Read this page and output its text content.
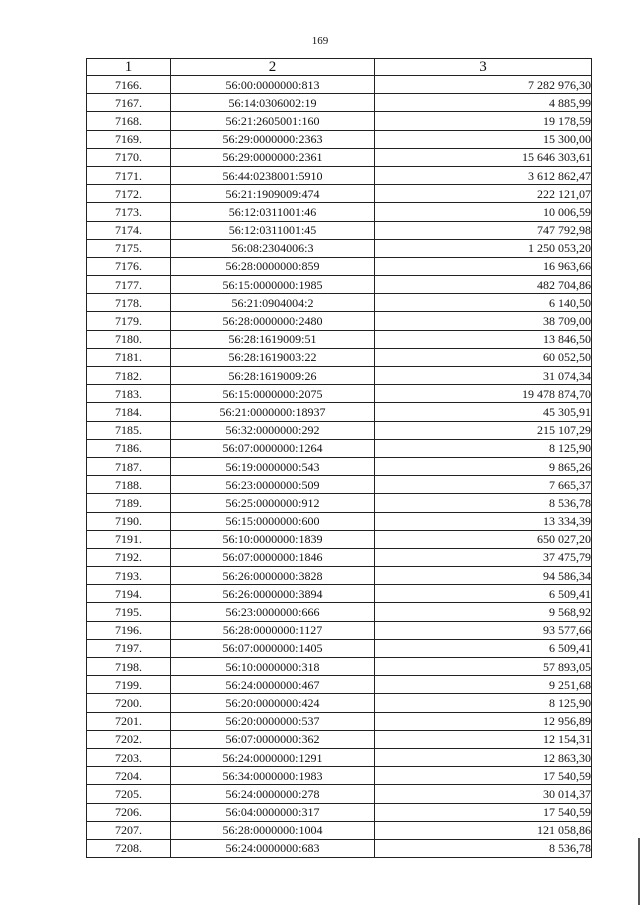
169
1	2	3
7166.	56:00:0000000:813	7 282 976,30
7167.	56:14:0306002:19	4 885,99
7168.	56:21:2605001:160	19 178,59
7169.	56:29:0000000:2363	15 300,00
7170.	56:29:0000000:2361	15 646 303,61
7171.	56:44:0238001:5910	3 612 862,47
7172.	56:21:1909009:474	222 121,07
7173.	56:12:0311001:46	10 006,59
7174.	56:12:0311001:45	747 792,98
7175.	56:08:2304006:3	1 250 053,20
7176.	56:28:0000000:859	16 963,66
7177.	56:15:0000000:1985	482 704,86
7178.	56:21:0904004:2	6 140,50
7179.	56:28:0000000:2480	38 709,00
7180.	56:28:1619009:51	13 846,50
7181.	56:28:1619003:22	60 052,50
7182.	56:28:1619009:26	31 074,34
7183.	56:15:0000000:2075	19 478 874,70
7184.	56:21:0000000:18937	45 305,91
7185.	56:32:0000000:292	215 107,29
7186.	56:07:0000000:1264	8 125,90
7187.	56:19:0000000:543	9 865,26
7188.	56:23:0000000:509	7 665,37
7189.	56:25:0000000:912	8 536,78
7190.	56:15:0000000:600	13 334,39
7191.	56:10:0000000:1839	650 027,20
7192.	56:07:0000000:1846	37 475,79
7193.	56:26:0000000:3828	94 586,34
7194.	56:26:0000000:3894	6 509,41
7195.	56:23:0000000:666	9 568,92
7196.	56:28:0000000:1127	93 577,66
7197.	56:07:0000000:1405	6 509,41
7198.	56:10:0000000:318	57 893,05
7199.	56:24:0000000:467	9 251,68
7200.	56:20:0000000:424	8 125,90
7201.	56:20:0000000:537	12 956,89
7202.	56:07:0000000:362	12 154,31
7203.	56:24:0000000:1291	12 863,30
7204.	56:34:0000000:1983	17 540,59
7205.	56:24:0000000:278	30 014,37
7206.	56:04:0000000:317	17 540,59
7207.	56:28:0000000:1004	121 058,86
7208.	56:24:0000000:683	8 536,78
